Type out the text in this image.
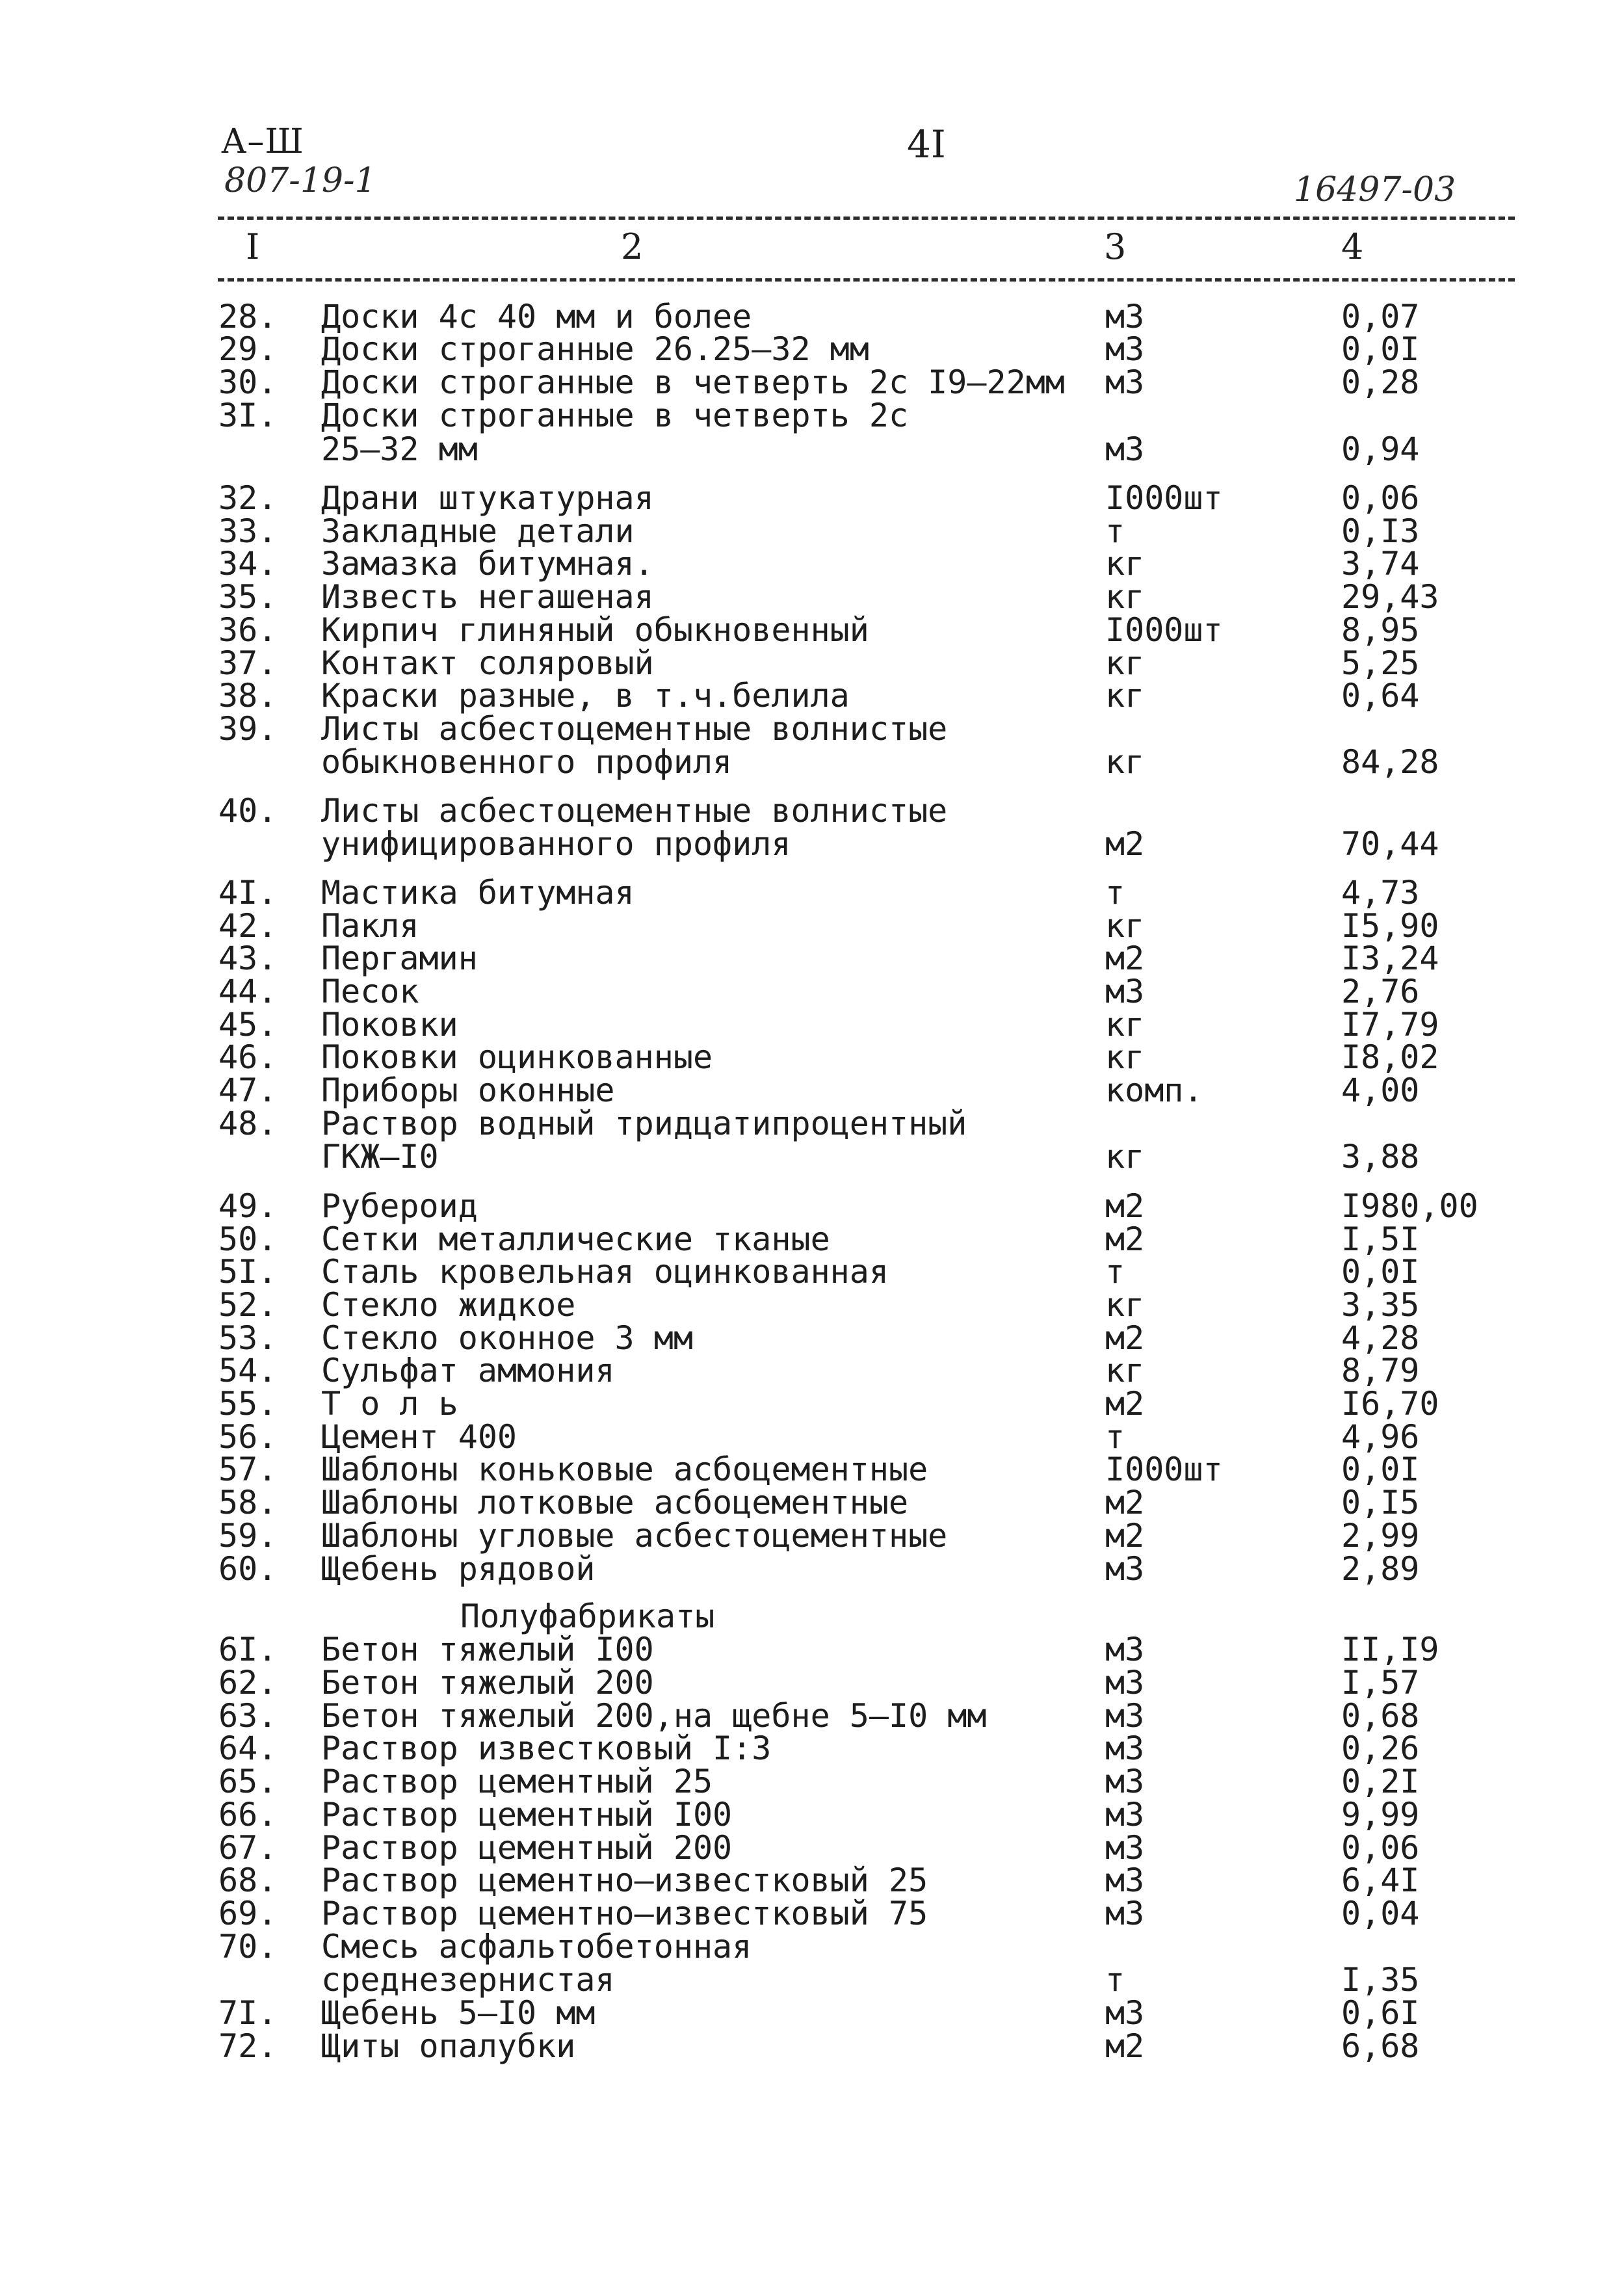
А–Ш	4I
807-19-1	16497-03
I	2	3	4
28. Доски 4с 40 мм и более	м3	0,07
29. Доски строганные 26.25–32 мм	м3	0,0I
30. Доски строганные в четверть 2с I9–22мм м3	0,28
3I. Доски строганные в четверть 2с
25–32 мм	м3	0,94
32. Драни штукатурная	I000шт	0,06
33. Закладные детали	т	0,I3
34. Замазка битумная.	кг	3,74
35. Известь негашеная	кг	29,43
36. Кирпич глиняный обыкновенный	I000шт	8,95
37. Контакт соляровый	кг	5,25
38. Краски разные, в т.ч.белила	кг	0,64
39. Листы асбестоцементные волнистые
обыкновенного профиля	кг	84,28
40. Листы асбестоцементные волнистые
унифицированного профиля	м2	70,44
4I. Мастика битумная	т	4,73
42. Пакля	кг	I5,90
43. Пергамин	м2	I3,24
44. Песок	м3	2,76
45. Поковки	кг	I7,79
46. Поковки оцинкованные	кг	I8,02
47. Приборы оконные	комп.	4,00
48. Раствор водный тридцатипроцентный
ГКЖ–I0	кг	3,88
49. Рубероид	м2	I980,00
50. Сетки металлические тканые	м2	I,5I
5I. Сталь кровельная оцинкованная	т	0,0I
52. Стекло жидкое	кг	3,35
53. Стекло оконное 3 мм	м2	4,28
54. Сульфат аммония	кг	8,79
55. Т о л ь	м2	I6,70
56. Цемент 400	т	4,96
57. Шаблоны коньковые асбоцементные	I000шт	0,0I
58. Шаблоны лотковые асбоцементные	м2	0,I5
59. Шаблоны угловые асбестоцементные	м2	2,99
60. Щебень рядовой	м3	2,89
Полуфабрикаты
6I. Бетон тяжелый I00	м3	II,I9
62. Бетон тяжелый 200	м3	I,57
63. Бетон тяжелый 200,на щебне 5–I0 мм	м3	0,68
64. Раствор известковый I:3	м3	0,26
65. Раствор цементный 25	м3	0,2I
66. Раствор цементный I00	м3	9,99
67. Раствор цементный 200	м3	0,06
68. Раствор цементно–известковый 25	м3	6,4I
69. Раствор цементно–известковый 75	м3	0,04
70. Смесь асфальтобетонная
среднезернистая	т	I,35
7I. Щебень 5–I0 мм	м3	0,6I
72. Щиты опалубки	м2	6,68
